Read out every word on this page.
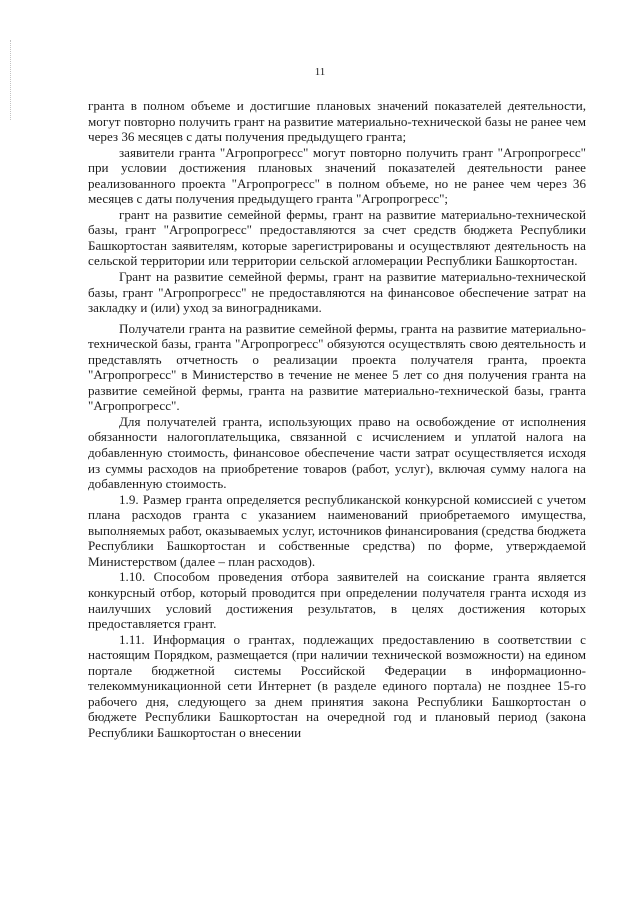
11

гранта в полном объеме и достигшие плановых значений показателей деятельности, могут повторно получить грант на развитие материально-технической базы не ранее чем через 36 месяцев с даты получения предыдущего гранта;

заявители гранта "Агропрогресс" могут повторно получить грант "Агропрогресс" при условии достижения плановых значений показателей деятельности ранее реализованного проекта "Агропрогресс" в полном объеме, но не ранее чем через 36 месяцев с даты получения предыдущего гранта "Агропрогресс";

грант на развитие семейной фермы, грант на развитие материально-технической базы, грант "Агропрогресс" предоставляются за счет средств бюджета Республики Башкортостан заявителям, которые зарегистрированы и осуществляют деятельность на сельской территории или территории сельской агломерации Республики Башкортостан.

Грант на развитие семейной фермы, грант на развитие материально-технической базы, грант "Агропрогресс" не предоставляются на финансовое обеспечение затрат на закладку и (или) уход за виноградниками.

Получатели гранта на развитие семейной фермы, гранта на развитие материально-технической базы, гранта "Агропрогресс" обязуются осуществлять свою деятельность и представлять отчетность о реализации проекта получателя гранта, проекта "Агропрогресс" в Министерство в течение не менее 5 лет со дня получения гранта на развитие семейной фермы, гранта на развитие материально-технической базы, гранта "Агропрогресс".

Для получателей гранта, использующих право на освобождение от исполнения обязанности налогоплательщика, связанной с исчислением и уплатой налога на добавленную стоимость, финансовое обеспечение части затрат осуществляется исходя из суммы расходов на приобретение товаров (работ, услуг), включая сумму налога на добавленную стоимость.

1.9. Размер гранта определяется республиканской конкурсной комиссией с учетом плана расходов гранта с указанием наименований приобретаемого имущества, выполняемых работ, оказываемых услуг, источников финансирования (средства бюджета Республики Башкортостан и собственные средства) по форме, утверждаемой Министерством (далее – план расходов).

1.10. Способом проведения отбора заявителей на соискание гранта является конкурсный отбор, который проводится при определении получателя гранта исходя из наилучших условий достижения результатов, в целях достижения которых предоставляется грант.

1.11. Информация о грантах, подлежащих предоставлению в соответствии с настоящим Порядком, размещается (при наличии технической возможности) на едином портале бюджетной системы Российской Федерации в информационно-телекоммуникационной сети Интернет (в разделе единого портала) не позднее 15-го рабочего дня, следующего за днем принятия закона Республики Башкортостан о бюджете Республики Башкортостан на очередной год и плановый период (закона Республики Башкортостан о внесении
